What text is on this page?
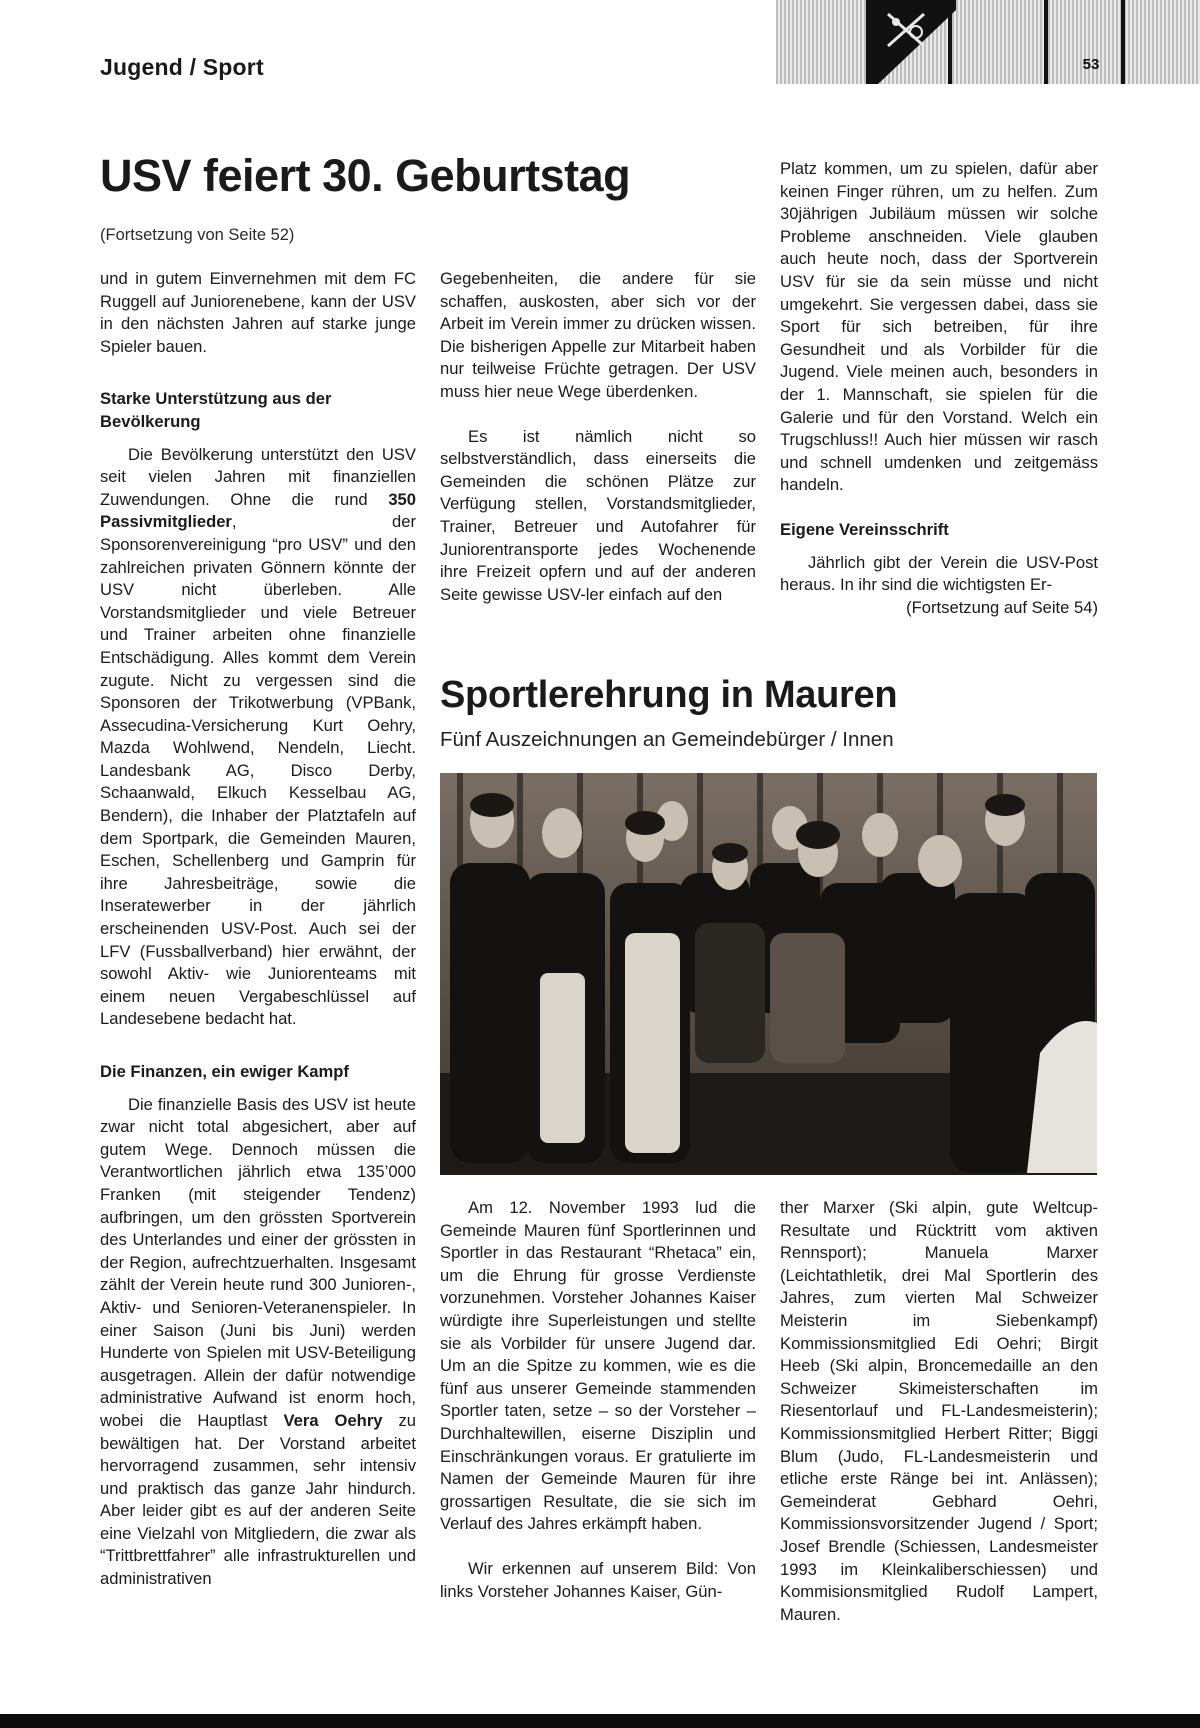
Jugend / Sport	53
USV feiert 30. Geburtstag
(Fortsetzung von Seite 52)

und in gutem Einvernehmen mit dem FC Ruggell auf Juniorenebene, kann der USV in den nächsten Jahren auf starke junge Spieler bauen.

Starke Unterstützung aus der Bevölkerung

Die Bevölkerung unterstützt den USV seit vielen Jahren mit finanziellen Zuwendungen. Ohne die rund 350 Passivmitglieder, der Sponsorenvereinigung “pro USV” und den zahlreichen privaten Gönnern könnte der USV nicht überleben. Alle Vorstandsmitglieder und viele Betreuer und Trainer arbeiten ohne finanzielle Entschädigung. Alles kommt dem Verein zugute. Nicht zu vergessen sind die Sponsoren der Trikotwerbung (VPBank, Assecudina-Versicherung Kurt Oehry, Mazda Wohlwend, Nendeln, Liecht. Landesbank AG, Disco Derby, Schaanwald, Elkuch Kesselbau AG, Bendern), die Inhaber der Platztafeln auf dem Sportpark, die Gemeinden Mauren, Eschen, Schellenberg und Gamprin für ihre Jahresbeiträge, sowie die Inseratewerber in der jährlich erscheinenden USV-Post. Auch sei der LFV (Fussballverband) hier erwähnt, der sowohl Aktiv- wie Juniorenteams mit einem neuen Vergabeschlüssel auf Landesebene bedacht hat.

Die Finanzen, ein ewiger Kampf

Die finanzielle Basis des USV ist heute zwar nicht total abgesichert, aber auf gutem Wege. Dennoch müssen die Verantwortlichen jährlich etwa 135’000 Franken (mit steigender Tendenz) aufbringen, um den grössten Sportverein des Unterlandes und einer der grössten in der Region, aufrechtzuerhalten. Insgesamt zählt der Verein heute rund 300 Junioren-, Aktiv- und Senioren-Veteranenspieler. In einer Saison (Juni bis Juni) werden Hunderte von Spielen mit USV-Beteiligung ausgetragen. Allein der dafür notwendige administrative Aufwand ist enorm hoch, wobei die Hauptlast Vera Oehry zu bewältigen hat. Der Vorstand arbeitet hervorragend zusammen, sehr intensiv und praktisch das ganze Jahr hindurch. Aber leider gibt es auf der anderen Seite eine Vielzahl von Mitgliedern, die zwar als “Trittbrettfahrer” alle infrastrukturellen und administrativen

Gegebenheiten, die andere für sie schaffen, auskosten, aber sich vor der Arbeit im Verein immer zu drücken wissen. Die bisherigen Appelle zur Mitarbeit haben nur teilweise Früchte getragen. Der USV muss hier neue Wege überdenken.

Es ist nämlich nicht so selbstverständlich, dass einerseits die Gemeinden die schönen Plätze zur Verfügung stellen, Vorstandsmitglieder, Trainer, Betreuer und Autofahrer für Juniorentransporte jedes Wochenende ihre Freizeit opfern und auf der anderen Seite gewisse USV-ler einfach auf den

Platz kommen, um zu spielen, dafür aber keinen Finger rühren, um zu helfen. Zum 30jährigen Jubiläum müssen wir solche Probleme anschneiden. Viele glauben auch heute noch, dass der Sportverein USV für sie da sein müsse und nicht umgekehrt. Sie vergessen dabei, dass sie Sport für sich betreiben, für ihre Gesundheit und als Vorbilder für die Jugend. Viele meinen auch, besonders in der 1. Mannschaft, sie spielen für die Galerie und für den Vorstand. Welch ein Trugschluss!! Auch hier müssen wir rasch und schnell umdenken und zeitgemäss handeln.

Eigene Vereinsschrift

Jährlich gibt der Verein die USV-Post heraus. In ihr sind die wichtigsten Er-

(Fortsetzung auf Seite 54)
Sportlerehrung in Mauren
Fünf Auszeichnungen an Gemeindebürger / Innen

Am 12. November 1993 lud die Gemeinde Mauren fünf Sportlerinnen und Sportler in das Restaurant “Rhetaca” ein, um die Ehrung für grosse Verdienste vorzunehmen. Vorsteher Johannes Kaiser würdigte ihre Superleistungen und stellte sie als Vorbilder für unsere Jugend dar. Um an die Spitze zu kommen, wie es die fünf aus unserer Gemeinde stammenden Sportler taten, setze – so der Vorsteher – Durchhaltewillen, eiserne Disziplin und Einschränkungen voraus. Er gratulierte im Namen der Gemeinde Mauren für ihre grossartigen Resultate, die sie sich im Verlauf des Jahres erkämpft haben.

Wir erkennen auf unserem Bild: Von links Vorsteher Johannes Kaiser, Gün-

ther Marxer (Ski alpin, gute Weltcup-Resultate und Rücktritt vom aktiven Rennsport); Manuela Marxer (Leichtathletik, drei Mal Sportlerin des Jahres, zum vierten Mal Schweizer Meisterin im Siebenkampf) Kommissionsmitglied Edi Oehri; Birgit Heeb (Ski alpin, Broncemedaille an den Schweizer Skimeisterschaften im Riesentorlauf und FL-Landesmeisterin); Kommissionsmitglied Herbert Ritter; Biggi Blum (Judo, FL-Landesmeisterin und etliche erste Ränge bei int. Anlässen); Gemeinderat Gebhard Oehri, Kommissionsvorsitzender Jugend / Sport; Josef Brendle (Schiessen, Landesmeister 1993 im Kleinkaliberschiessen) und Kommisionsmitglied Rudolf Lampert, Mauren.
